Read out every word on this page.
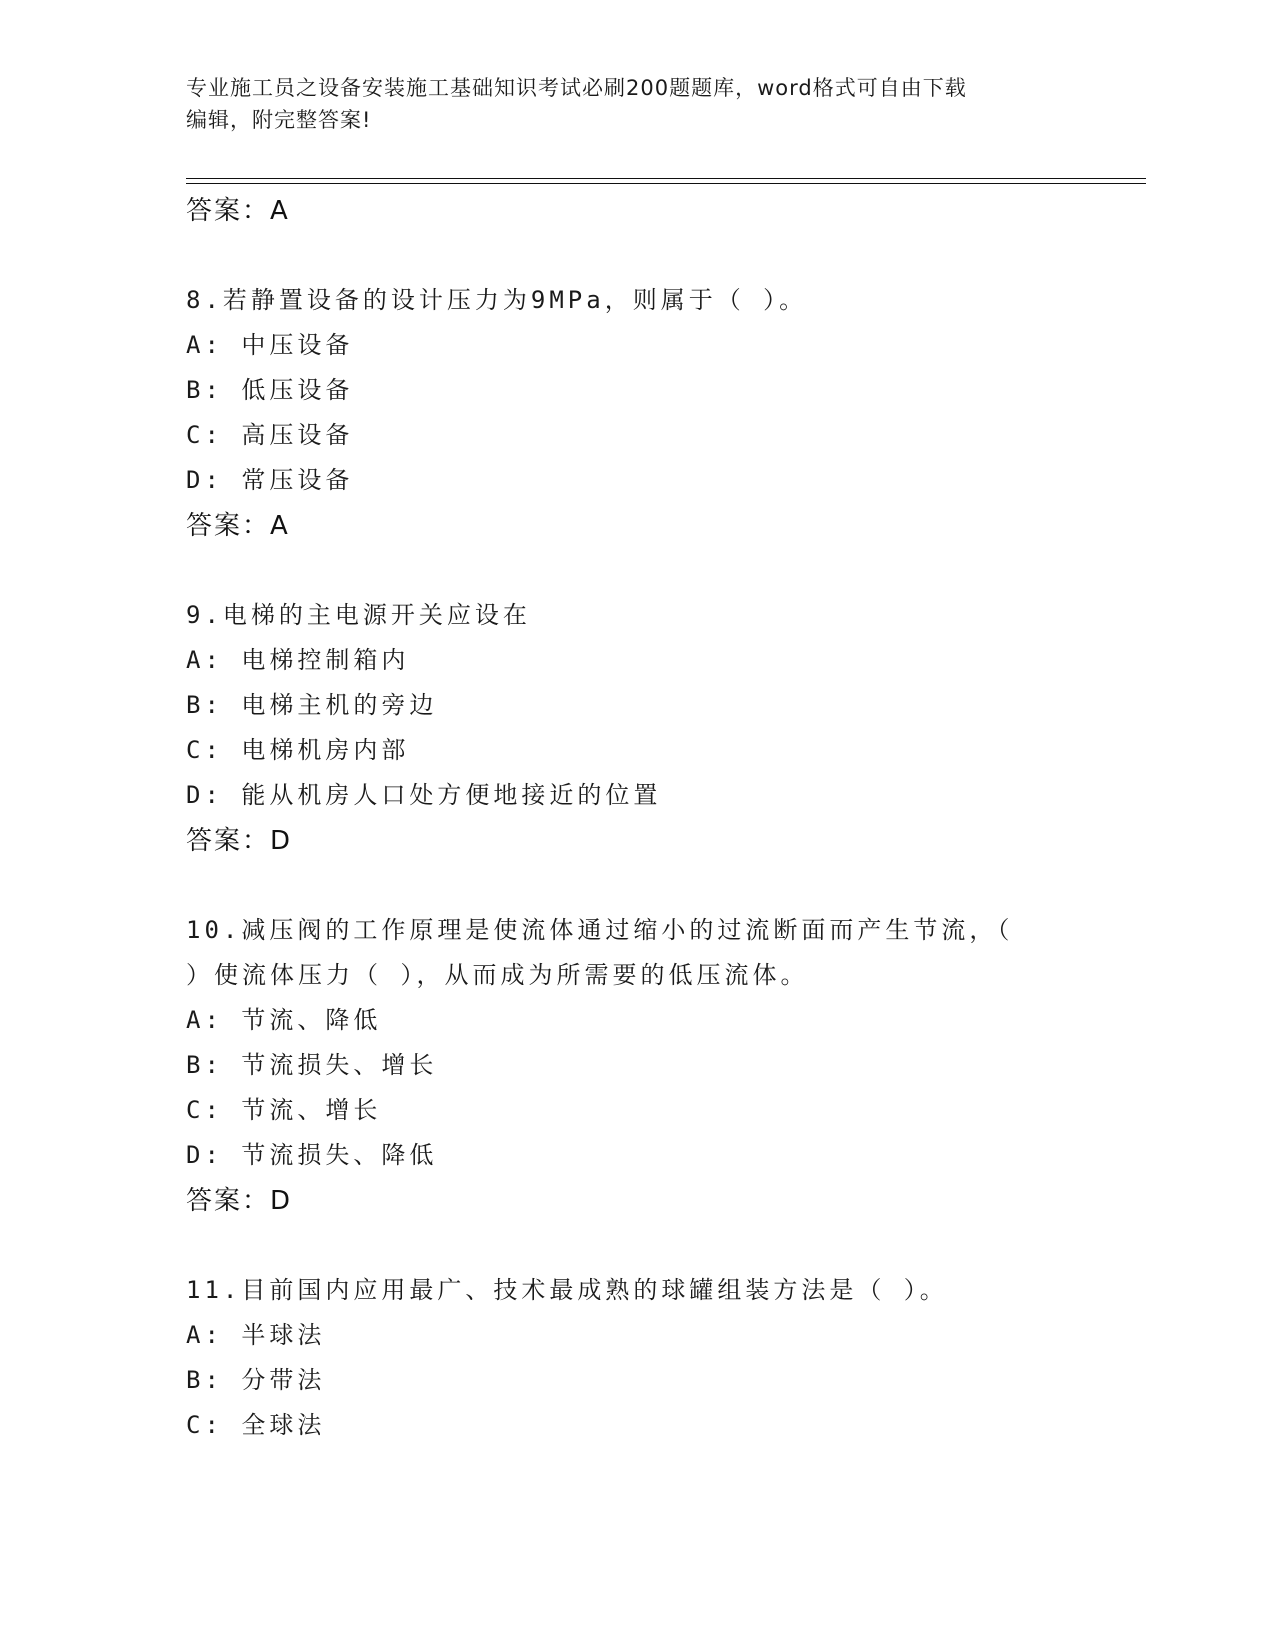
专业施工员之设备安装施工基础知识考试必刷200题题库，word格式可自由下载
编辑，附完整答案!
答案：A
8.若静置设备的设计压力为9MPa，则属于（ ）。
A: 中压设备
B: 低压设备
C: 高压设备
D: 常压设备
答案：A
9.电梯的主电源开关应设在
A: 电梯控制箱内
B: 电梯主机的旁边
C: 电梯机房内部
D: 能从机房人口处方便地接近的位置
答案：D
10.减压阀的工作原理是使流体通过缩小的过流断面而产生节流，（
）使流体压力（ ），从而成为所需要的低压流体。
A: 节流、降低
B: 节流损失、增长
C: 节流、增长
D: 节流损失、降低
答案：D
11.目前国内应用最广、技术最成熟的球罐组装方法是（ ）。
A: 半球法
B: 分带法
C: 全球法
